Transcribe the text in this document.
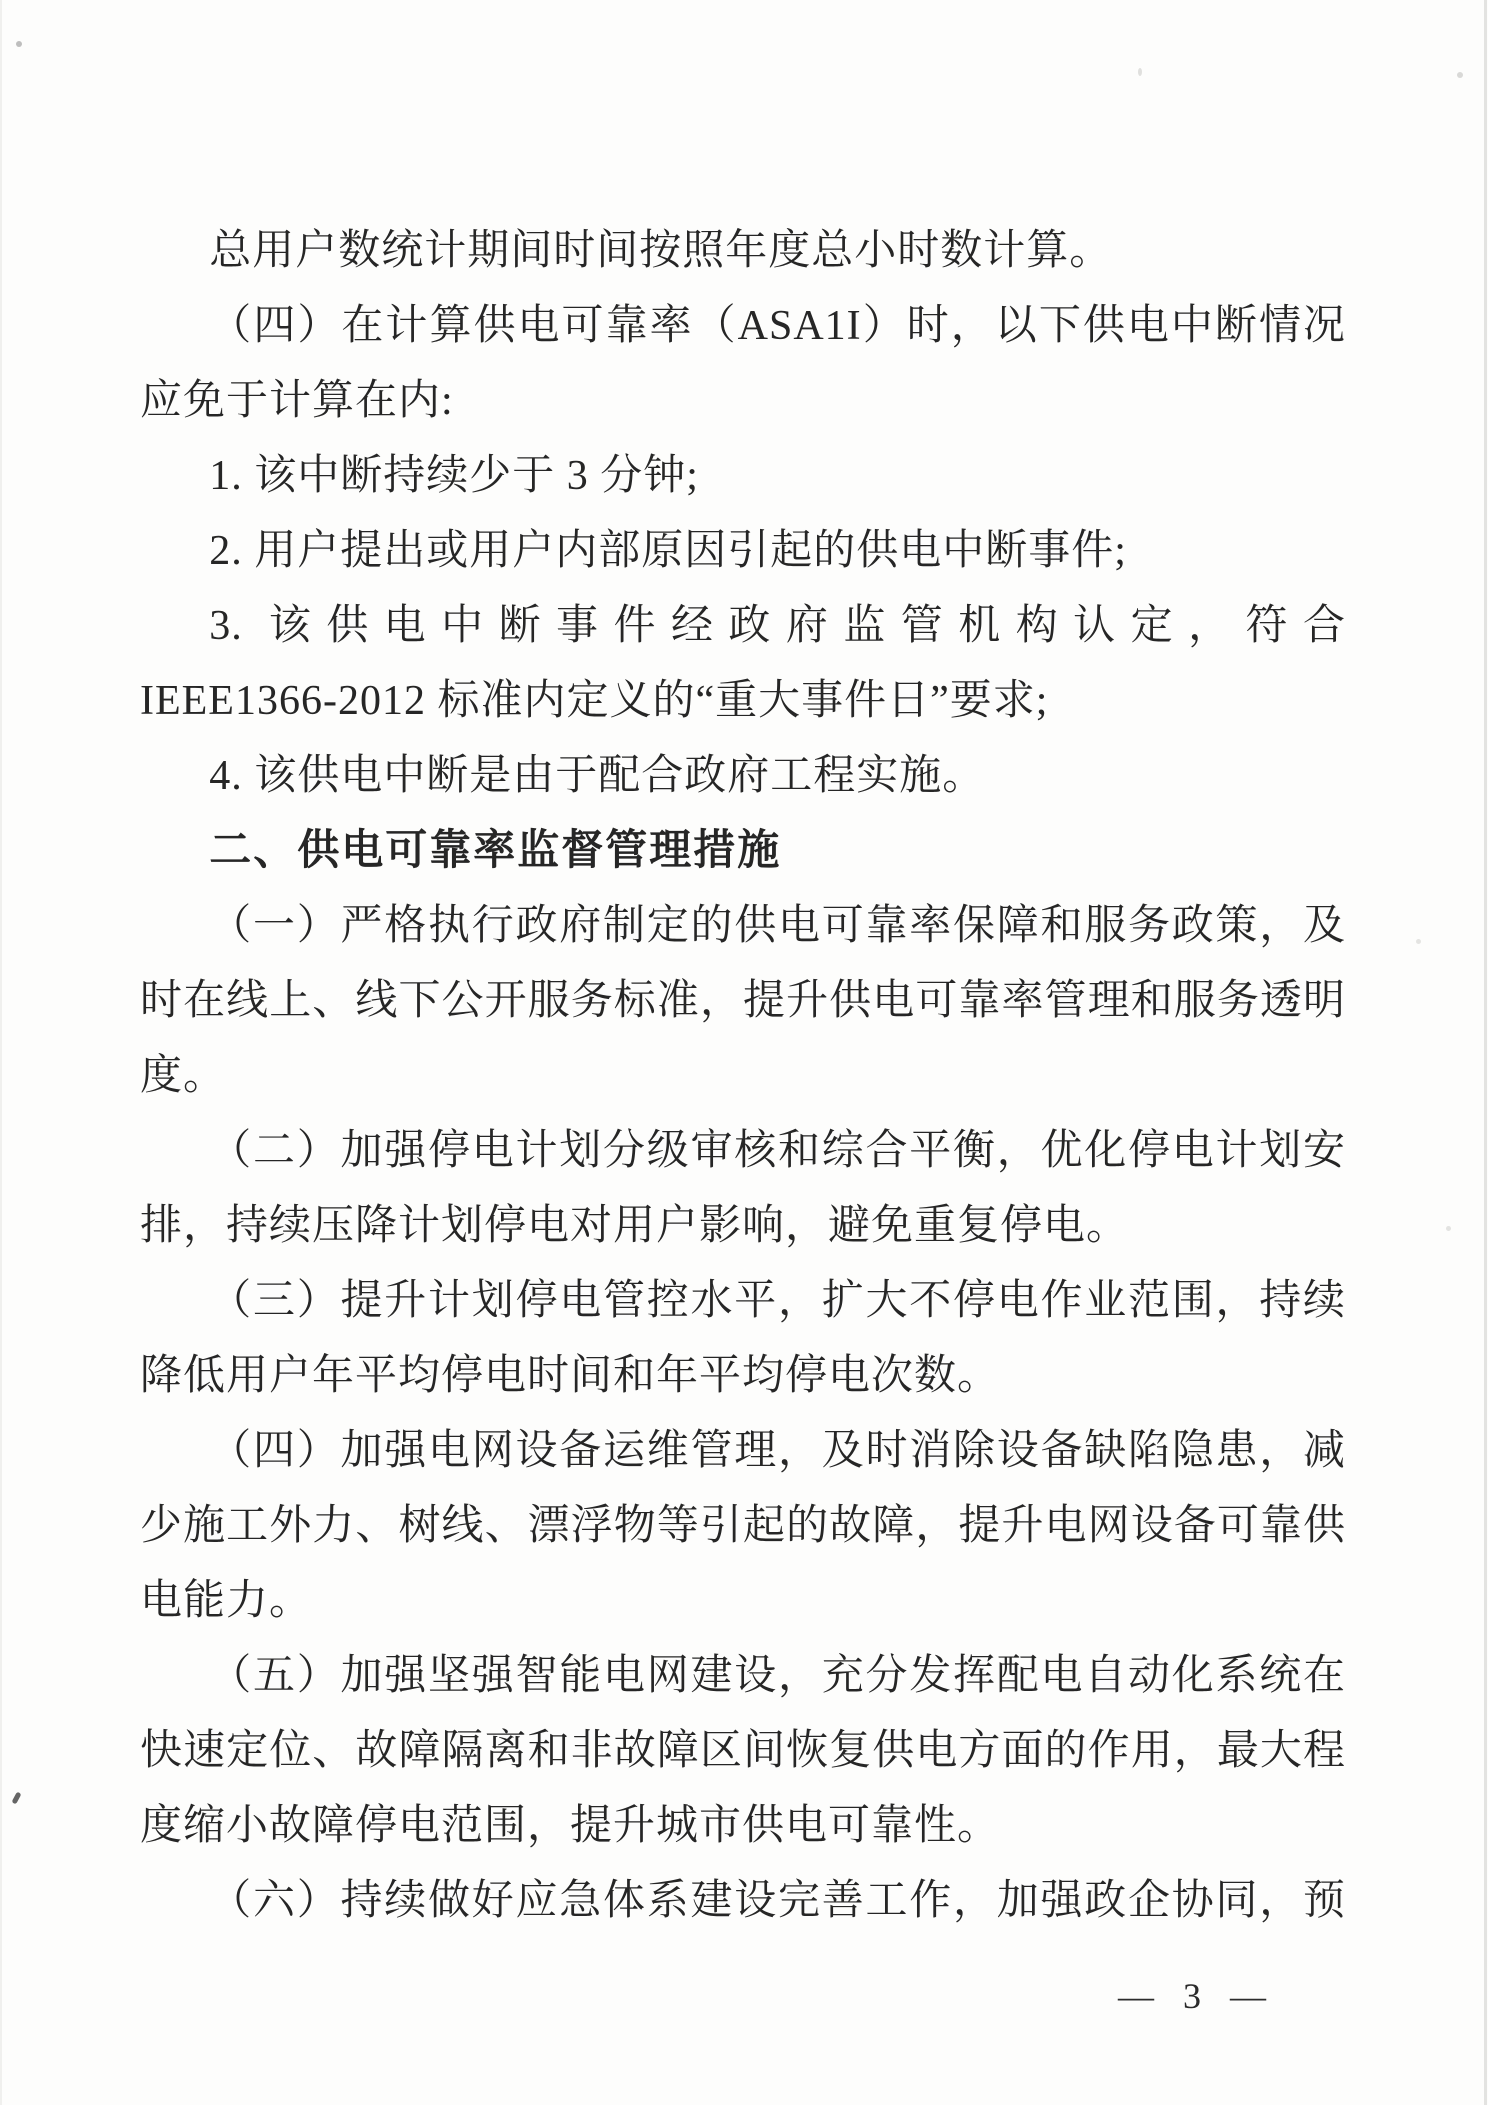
总用户数统计期间时间按照年度总小时数计算。
（四）在计算供电可靠率（ASA1I）时，以下供电中断情况
应免于计算在内:
1. 该中断持续少于 3 分钟;
2. 用户提出或用户内部原因引起的供电中断事件;
3. 该供电中断事件经政府监管机构认定，符合
IEEE1366-2012 标准内定义的“重大事件日”要求;
4. 该供电中断是由于配合政府工程实施。
二、供电可靠率监督管理措施
（一）严格执行政府制定的供电可靠率保障和服务政策，及
时在线上、线下公开服务标准，提升供电可靠率管理和服务透明
度。
（二）加强停电计划分级审核和综合平衡，优化停电计划安
排，持续压降计划停电对用户影响，避免重复停电。
（三）提升计划停电管控水平，扩大不停电作业范围，持续
降低用户年平均停电时间和年平均停电次数。
（四）加强电网设备运维管理，及时消除设备缺陷隐患，减
少施工外力、树线、漂浮物等引起的故障，提升电网设备可靠供
电能力。
（五）加强坚强智能电网建设，充分发挥配电自动化系统在
快速定位、故障隔离和非故障区间恢复供电方面的作用，最大程
度缩小故障停电范围，提升城市供电可靠性。
（六）持续做好应急体系建设完善工作，加强政企协同，预
— 3 —
